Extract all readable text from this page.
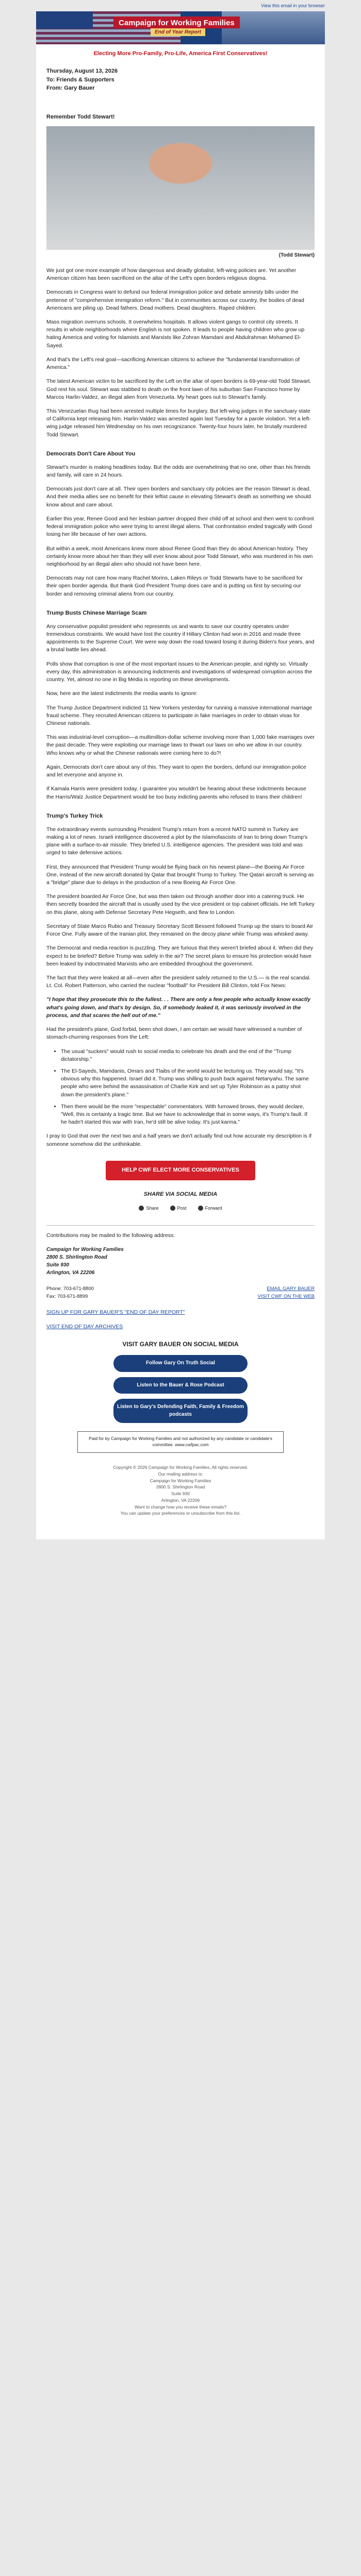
View this email in your browser
Campaign for Working Families
End of Year Report
Electing More Pro-Family, Pro-Life, America First Conservatives!

Thursday, August 13, 2026

To: Friends & Supporters

From: Gary Bauer

Remember Todd Stewart!
(Todd Stewart)

We just got one more example of how dangerous and deadly globalist, left-wing policies are. Yet another American citizen has been sacrificed on the altar of the Left's open borders religious dogma.

Democrats in Congress want to defund our federal immigration police and debate amnesty bills under the pretense of "comprehensive immigration reform." But in communities across our country, the bodies of dead Americans are piling up. Dead fathers. Dead mothers. Dead daughters. Raped children.

Mass migration overruns schools. It overwhelms hospitals. It allows violent gangs to control city streets. It results in whole neighborhoods where English is not spoken. It leads to people having children who grow up hating America and voting for Islamists and Marxists like Zohran Mamdani and Abdulrahman Mohamed El-Sayed.

And that's the Left's real goal—sacrificing American citizens to achieve the "fundamental transformation of America."

The latest American victim to be sacrificed by the Left on the altar of open borders is 69-year-old Todd Stewart. God rest his soul. Stewart was stabbed to death on the front lawn of his suburban San Francisco home by Marcos Harlin-Valdez, an illegal alien from Venezuela. My heart goes out to Stewart's family.

This Venezuelan thug had been arrested multiple times for burglary. But left-wing judges in the sanctuary state of California kept releasing him. Harlin-Valdez was arrested again last Tuesday for a parole violation. Yet a left-wing judge released him Wednesday on his own recognizance. Twenty-four hours later, he brutally murdered Todd Stewart.

Democrats Don't Care About You

Stewart's murder is making headlines today. But the odds are overwhelming that no one, other than his friends and family, will care in 24 hours.

Democrats just don't care at all. Their open borders and sanctuary city policies are the reason Stewart is dead. And their media allies see no benefit for their leftist cause in elevating Stewart's death as something we should know about and care about.

Earlier this year, Renee Good and her lesbian partner dropped their child off at school and then went to confront federal immigration police who were trying to arrest illegal aliens. That confrontation ended tragically with Good losing her life because of her own actions.

But within a week, most Americans knew more about Renee Good than they do about American history. They certainly know more about her than they will ever know about poor Todd Stewart, who was murdered in his own neighborhood by an illegal alien who should not have been here.

Democrats may not care how many Rachel Morins, Laken Rileys or Todd Stewarts have to be sacrificed for their open border agenda. But thank God President Trump does care and is putting us first by securing our border and removing criminal aliens from our country.

Trump Busts Chinese Marriage Scam

Any conservative populist president who represents us and wants to save our country operates under tremendous constraints. We would have lost the country if Hillary Clinton had won in 2016 and made three appointments to the Supreme Court. We were way down the road toward losing it during Biden's four years, and a brutal battle lies ahead.

Polls show that corruption is one of the most important issues to the American people, and rightly so. Virtually every day, this administration is announcing indictments and investigations of widespread corruption across the country. Yet, almost no one in Big Media is reporting on these developments.

Now, here are the latest indictments the media wants to ignore:

The Trump Justice Department indicted 11 New Yorkers yesterday for running a massive international marriage fraud scheme. They recruited American citizens to participate in fake marriages in order to obtain visas for Chinese nationals.

This was industrial-level corruption—a multimillion-dollar scheme involving more than 1,000 fake marriages over the past decade. They were exploiting our marriage laws to thwart our laws on who we allow in our country. Who knows why or what the Chinese nationals were coming here to do?!

Again, Democrats don't care about any of this. They want to open the borders, defund our immigration police and let everyone and anyone in.

If Kamala Harris were president today, I guarantee you wouldn't be hearing about these indictments because the Harris/Walz Justice Department would be too busy indicting parents who refused to trans their children!

Trump's Turkey Trick

The extraordinary events surrounding President Trump's return from a recent NATO summit in Turkey are making a lot of news. Israeli intelligence discovered a plot by the Islamofascists of Iran to bring down Trump's plane with a surface-to-air missile. They briefed U.S. intelligence agencies. The president was told and was urged to take defensive actions.

First, they announced that President Trump would be flying back on his newest plane—the Boeing Air Force One, instead of the new aircraft donated by Qatar that brought Trump to Turkey. The Qatari aircraft is serving as a "bridge" plane due to delays in the production of a new Boeing Air Force One.

The president boarded Air Force One, but was then taken out through another door into a catering truck. He then secretly boarded the aircraft that is usually used by the vice president or top cabinet officials. He left Turkey on this plane, along with Defense Secretary Pete Hegseth, and flew to London.

Secretary of State Marco Rubio and Treasury Secretary Scott Bessent followed Trump up the stairs to board Air Force One. Fully aware of the Iranian plot, they remained on the decoy plane while Trump was whisked away.

The Democrat and media reaction is puzzling. They are furious that they weren't briefed about it. When did they expect to be briefed? Before Trump was safely in the air? The secret plans to ensure his protection would have been leaked by indoctrinated Marxists who are embedded throughout the government.

The fact that they were leaked at all—even after the president safely returned to the U.S.— is the real scandal. Lt. Col. Robert Patterson, who carried the nuclear "football" for President Bill Clinton, told Fox News:

"I hope that they prosecute this to the fullest. . . There are only a few people who actually know exactly what's going down, and that's by design. So, if somebody leaked it, it was seriously involved in the process, and that scares the hell out of me."

Had the president's plane, God forbid, been shot down, I am certain we would have witnessed a number of stomach-churning responses from the Left:

• The usual "suckers" would rush to social media to celebrate his death and the end of the "Trump dictatorship."
• The El-Sayeds, Mamdanis, Omars and Tlaibs of the world would be lecturing us. They would say, "It's obvious why this happened. Israel did it. Trump was shilling to push back against Netanyahu. The same people who were behind the assassination of Charlie Kirk and set up Tyler Robinson as a patsy shot down the president's plane."
• Then there would be the more "respectable" commentators. With furrowed brows, they would declare, "Well, this is certainly a tragic time. But we have to acknowledge that in some ways, it's Trump's fault. If he hadn't started this war with Iran, he'd still be alive today. It's just karma."

I pray to God that over the next two and a half years we don't actually find out how accurate my description is if someone somehow did the unthinkable.

HELP CWF ELECT MORE CONSERVATIVES
SHARE VIA SOCIAL MEDIA
Share	Post	Forward

Contributions may be mailed to the following address:

Campaign for Working Families

2800 S. Shirlington Road

Suite 930

Arlington, VA 22206

Phone: 703-671-8800
Fax: 703-671-8899
EMAIL GARY BAUER
VISIT CWF ON THE WEB

SIGN UP FOR GARY BAUER'S "END OF DAY REPORT"

VISIT END OF DAY ARCHIVES

VISIT GARY BAUER ON SOCIAL MEDIA
Follow Gary On Truth Social
Listen to the Bauer & Rose Podcast
Listen to Gary's Defending Faith, Family & Freedom podcasts
Paid for by Campaign for Working Families and not authorized by any candidate or candidate's committee. www.cwfpac.com
Copyright © 2026 Campaign for Working Families, All rights reserved.
Our mailing address is:
Campaign for Working Families
2800 S. Shirlington Road
Suite 930
Arlington, VA 22206
Want to change how you receive these emails?
You can update your preferences or unsubscribe from this list.
